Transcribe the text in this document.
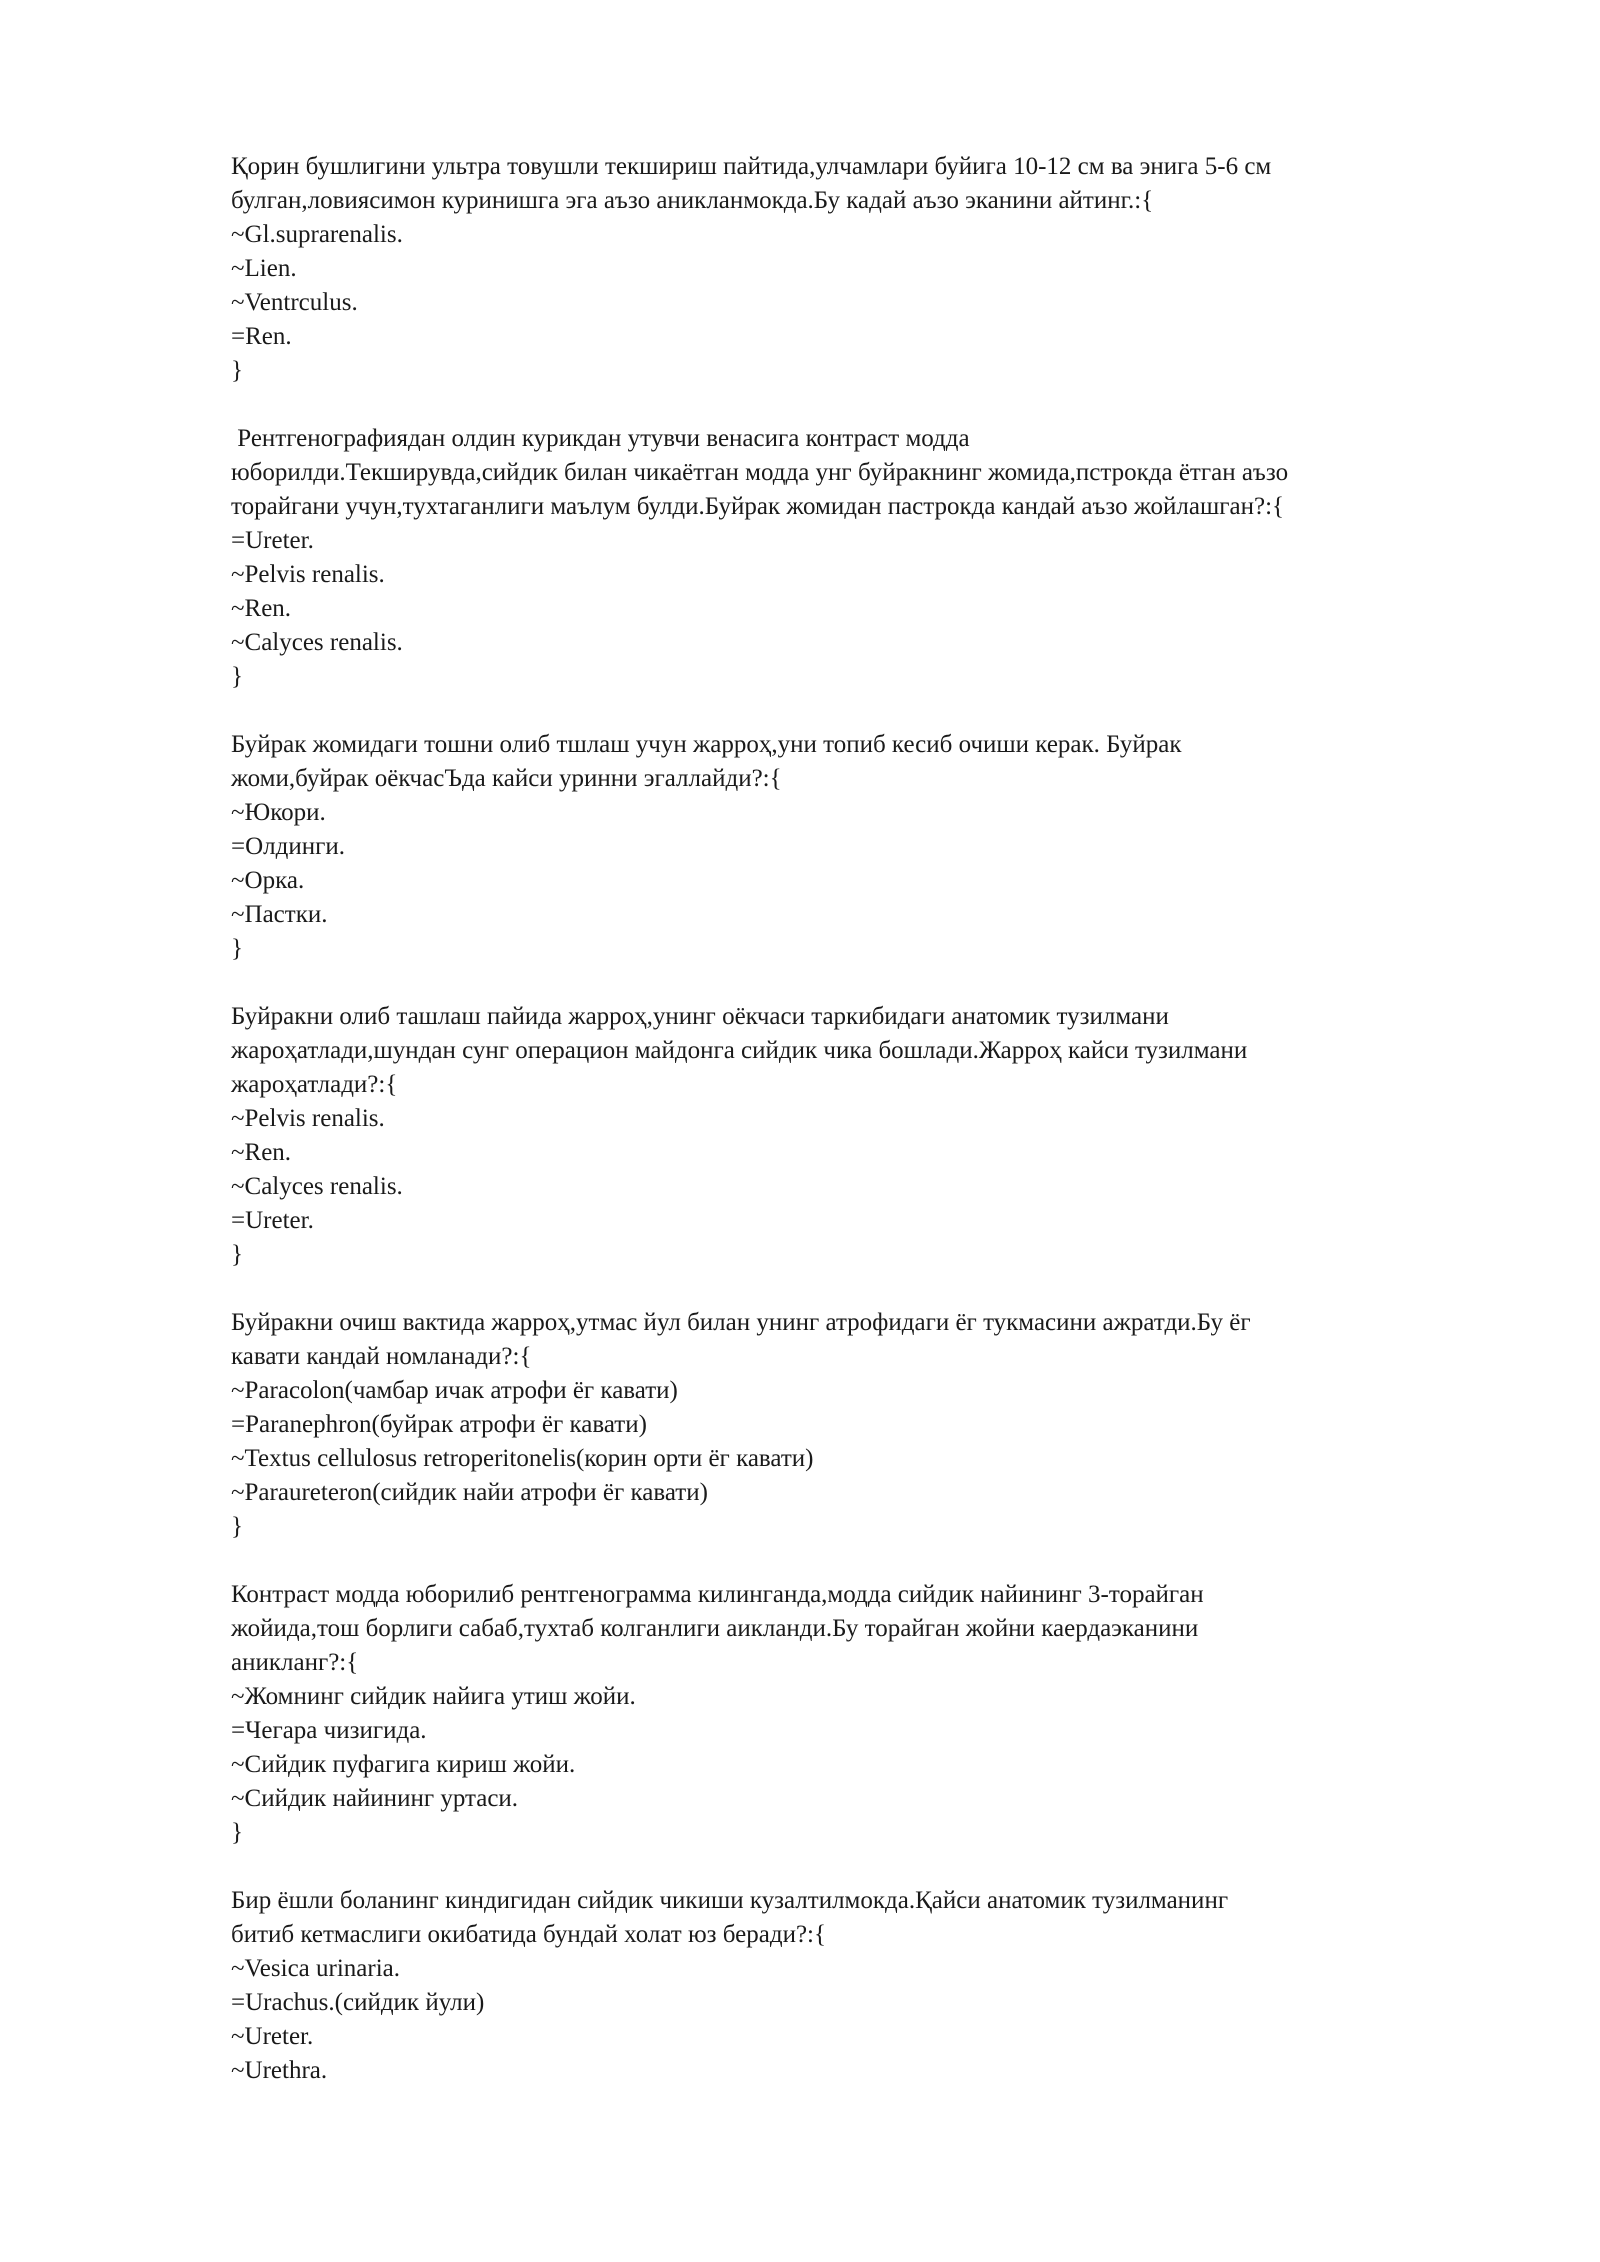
Қорин бушлигини ультра товушли текшириш пайтида,улчамлари буйига 10-12 см ва энига 5-6 см
булган,ловиясимон куринишга эга аъзо аникланмокда.Бу кадай аъзо эканини айтинг.:{
~Gl.suprarenalis.
~Lien.
~Ventrculus.
=Ren.
}
Рентгенографиядан олдин курикдан утувчи венасига контраст модда
юборилди.Текширувда,сийдик билан чикаётган модда унг буйракнинг жомида,пстрокда ётган аъзо
торайгани учун,тухтаганлиги маълум булди.Буйрак жомидан пастрокда кандай аъзо жойлашган?:{
=Ureter.
~Pelvis renalis.
~Ren.
~Calyces renalis.
}
Буйрак жомидаги тошни олиб тшлаш учун жарроҳ,уни топиб кесиб очиши керак. Буйрак
жоми,буйрак оёкчасЪда кайси уринни эгаллайди?:{
~Юкори.
=Олдинги.
~Орка.
~Пастки.
}
Буйракни олиб ташлаш пайида жарроҳ,унинг оёкчаси таркибидаги анатомик тузилмани
жароҳатлади,шундан сунг операцион майдонга сийдик чика бошлади.Жарроҳ кайси тузилмани
жароҳатлади?:{
~Pelvis renalis.
~Ren.
~Calyces renalis.
=Ureter.
}
Буйракни очиш вактида жарроҳ,утмас йул билан унинг атрофидаги ёг тукмасини ажратди.Бу ёг
кавати кандай номланади?:{
~Paracolon(чамбар ичак атрофи ёг кавати)
=Paranephron(буйрак атрофи ёг кавати)
~Textus cellulosus retroperitonelis(корин орти ёг кавати)
~Paraureteron(сийдик найи атрофи ёг кавати)
}
Контраст модда юборилиб рентгенограмма килинганда,модда сийдик найининг 3-торайган
жойида,тош борлиги сабаб,тухтаб колганлиги аикланди.Бу торайган жойни каердаэканини
аникланг?:{
~Жомнинг сийдик найига утиш жойи.
=Чегара чизигида.
~Сийдик пуфагига кириш жойи.
~Сийдик найининг уртаси.
}
Бир ёшли боланинг киндигидан сийдик чикиши кузалтилмокда.Қайси анатомик тузилманинг
битиб кетмаслиги окибатида бундай холат юз беради?:{
~Vesica urinaria.
=Urachus.(сийдик йули)
~Ureter.
~Urethra.
